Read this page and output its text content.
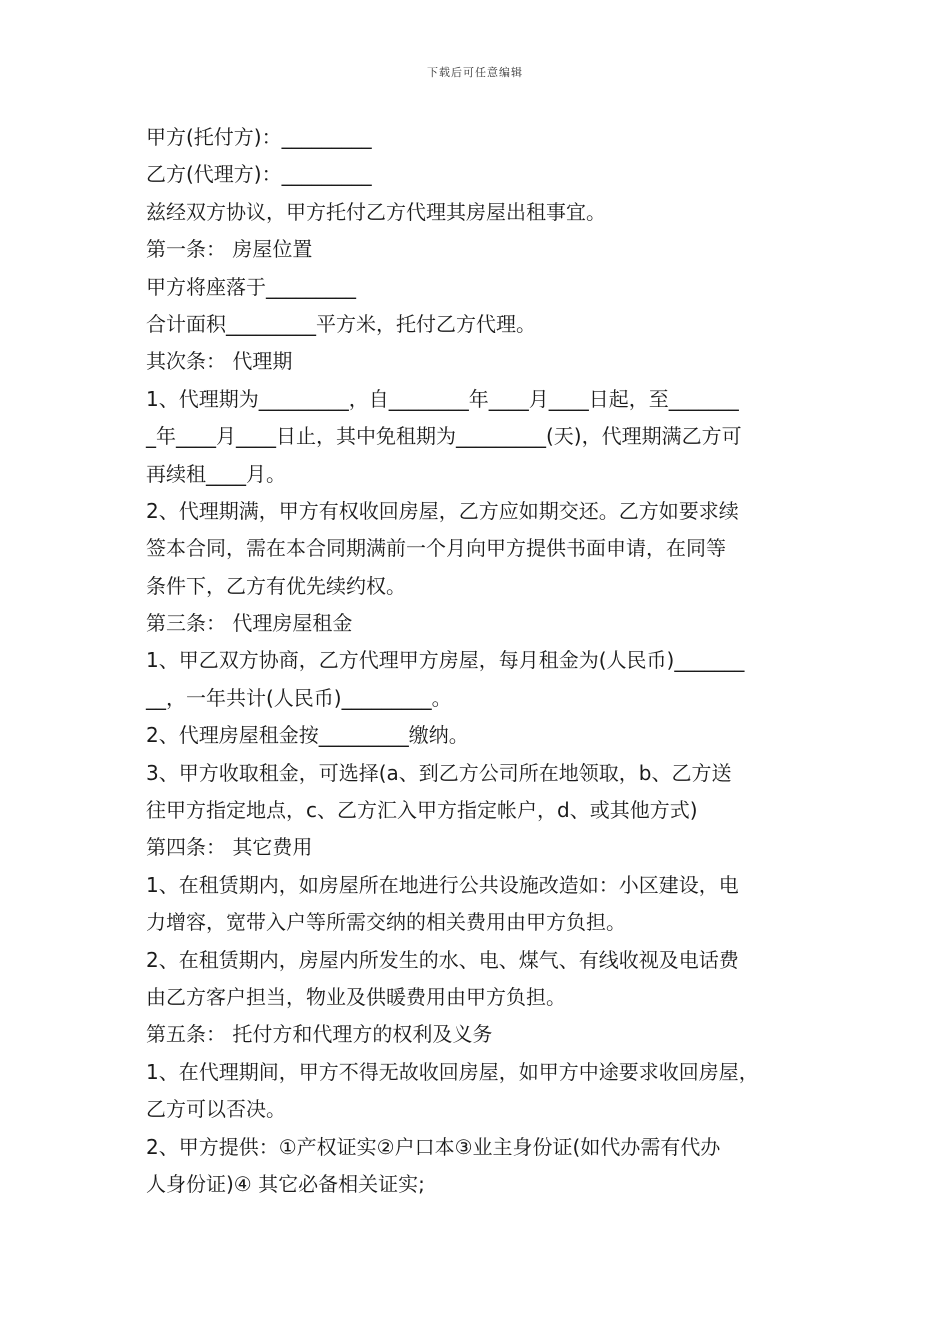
下载后可任意编辑
甲方(托付方)：_________
乙方(代理方)：_________
兹经双方协议，甲方托付乙方代理其房屋出租事宜。
第一条： 房屋位置
甲方将座落于_________
合计面积_________平方米，托付乙方代理。
其次条： 代理期
1、代理期为_________，自________年____月____日起，至_______
_年____月____日止，其中免租期为_________(天)，代理期满乙方可
再续租____月。
2、代理期满，甲方有权收回房屋，乙方应如期交还。乙方如要求续
签本合同，需在本合同期满前一个月向甲方提供书面申请，在同等
条件下，乙方有优先续约权。
第三条： 代理房屋租金
1、甲乙双方协商，乙方代理甲方房屋，每月租金为(人民币)_______
__，一年共计(人民币)_________。
2、代理房屋租金按_________缴纳。
3、甲方收取租金，可选择(a、到乙方公司所在地领取，b、乙方送
往甲方指定地点，c、乙方汇入甲方指定帐户，d、或其他方式)
第四条： 其它费用
1、在租赁期内，如房屋所在地进行公共设施改造如：小区建设，电
力增容，宽带入户等所需交纳的相关费用由甲方负担。
2、在租赁期内，房屋内所发生的水、电、煤气、有线收视及电话费
由乙方客户担当，物业及供暖费用由甲方负担。
第五条： 托付方和代理方的权利及义务
1、在代理期间，甲方不得无故收回房屋，如甲方中途要求收回房屋，
乙方可以否决。
2、甲方提供：①产权证实②户口本③业主身份证(如代办需有代办
人身份证)④ 其它必备相关证实;
